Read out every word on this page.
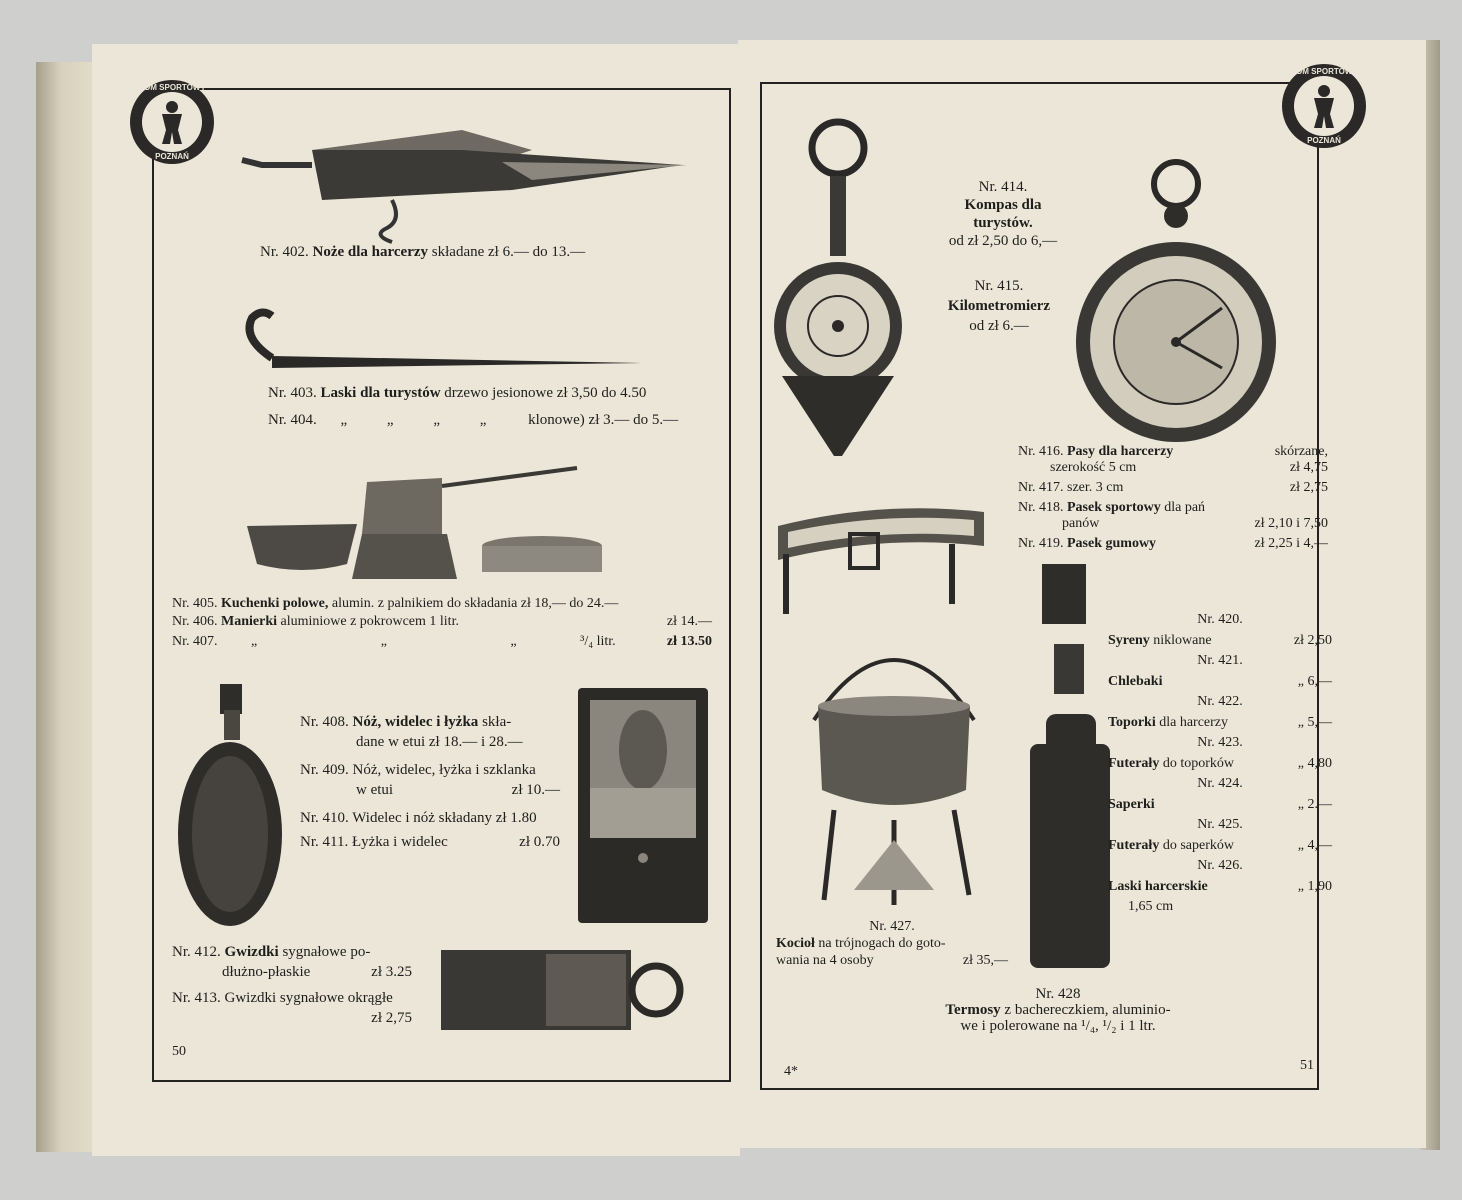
DOM SPORTOWY
POZNAŃ
Nr. 402. Noże dla harcerzy składane zł 6.— do 13.—
Nr. 403. Laski dla turystów drzewo jesionowe zł 3,50 do 4.50
Nr. 404. „ „ „ „ klonowe) zł 3.— do 5.—
Nr. 405. Kuchenki polowe, alumin. z palnikiem do składania zł 18,— do 24.—
Nr. 406. Manierki aluminiowe z pokrowcem 1 litr.	zł 14.—
Nr. 407. „ „ „ ³/₄ litr.	zł 13.50
Nr. 408. Nóż, widelec i łyżka skła-
dane w etui zł 18.— i 28.—
Nr. 409. Nóż, widelec, łyżka i szklanka
w etui	zł 10.—
Nr. 410. Widelec i nóż składany zł 1.80
Nr. 411. Łyżka i widelec	zł 0.70
Nr. 412. Gwizdki sygnałowe po-
dłużno-płaskie	zł 3.25
Nr. 413. Gwizdki sygnałowe okrągłe
zł 2,75
50
DOM SPORTOWY
POZNAŃ
Nr. 414.
Kompas dla
turystów.
od zł 2,50 do 6,—
Nr. 415.
Kilometromierz
od zł 6.—
Nr. 416. Pasy dla harcerzy	skórzane,
szerokość 5 cm	zł 4,75
Nr. 417. szer. 3 cm	zł 2,75
Nr. 418. Pasek sportowy dla pań
panów	zł 2,10 i 7,50
Nr. 419. Pasek gumowy	zł 2,25 i 4,—
Nr. 427.
Kocioł na trójnogach do goto-
wania na 4 osoby	zł 35,—
Nr. 420.
Syreny niklowane	zł 2,50
Nr. 421.
Chlebaki	„ 6,—
Nr. 422.
Toporki dla harcerzy	„ 5,—
Nr. 423.
Futerały do toporków	„ 4,80
Nr. 424.
Saperki	„ 2.—
Nr. 425.
Futerały do saperków	„ 4,—
Nr. 426.
Laski harcerskie	„ 1,90
1,65 cm
Nr. 428
Termosy z bachereczkiem, aluminio-
we i polerowane na ¹/₄, ¹/₂ i 1 ltr.
4*	51
